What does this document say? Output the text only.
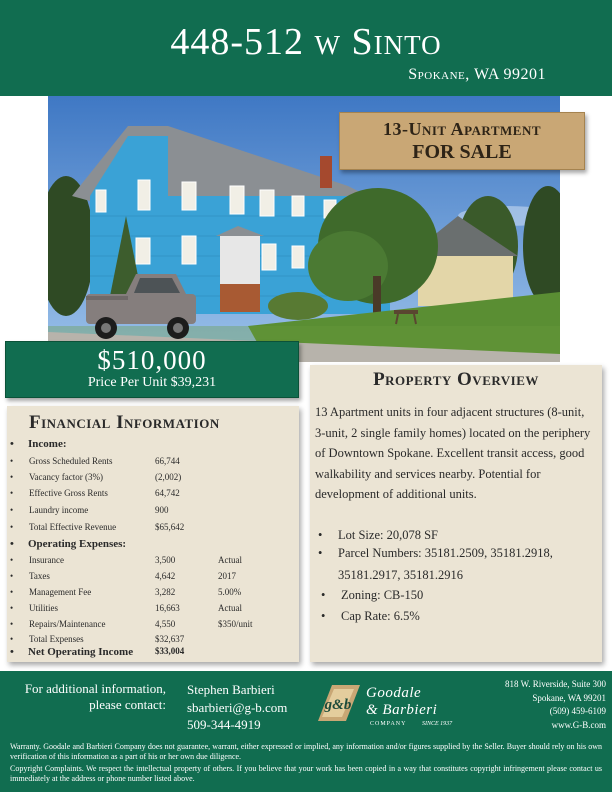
448-512 w Sinto
Spokane, WA 99201
13-Unit Apartment
FOR SALE
$510,000
Price Per Unit $39,231
Financial Information
• Income:
• Gross Scheduled Rents	66,744
• Vacancy factor (3%)	(2,002)
• Effective Gross Rents	64,742
• Laundry income	900
• Total Effective Revenue	$65,642
• Operating Expenses:
• Insurance	3,500	Actual
• Taxes	4,642	2017
• Management Fee	3,282	5.00%
• Utilities	16,663	Actual
• Repairs/Maintenance	4,550	$350/unit
• Total Expenses	$32,637
• Net Operating Income $33,004
Property Overview
13 Apartment units in four adjacent structures (8-unit, 3-unit, 2 single family homes) located on the periphery of Downtown Spokane. Excellent transit access, good walkability and services nearby. Potential for development of additional units.
• Lot Size: 20,078 SF
• Parcel Numbers: 35181.2509, 35181.2918,
35181.2917, 35181.2916
• Zoning: CB-150
• Cap Rate: 6.5%
For additional information,
please contact:
Stephen Barbieri
sbarbieri@g-b.com
509-344-4919
g&b
Goodale
& Barbieri
COMPANY	SINCE 1937
818 W. Riverside, Suite 300
Spokane, WA 99201
(509) 459-6109
www.G-B.com
Warranty. Goodale and Barbieri Company does not guarantee, warrant, either expressed or implied, any information and/or figures supplied by the Seller. Buyer should rely on his own verification of this information as a part of his or her own due diligence.
Copyright Complaints. We respect the intellectual property of others. If you believe that your work has been copied in a way that constitutes copyright infringement please contact us immediately at the address or phone number listed above.
